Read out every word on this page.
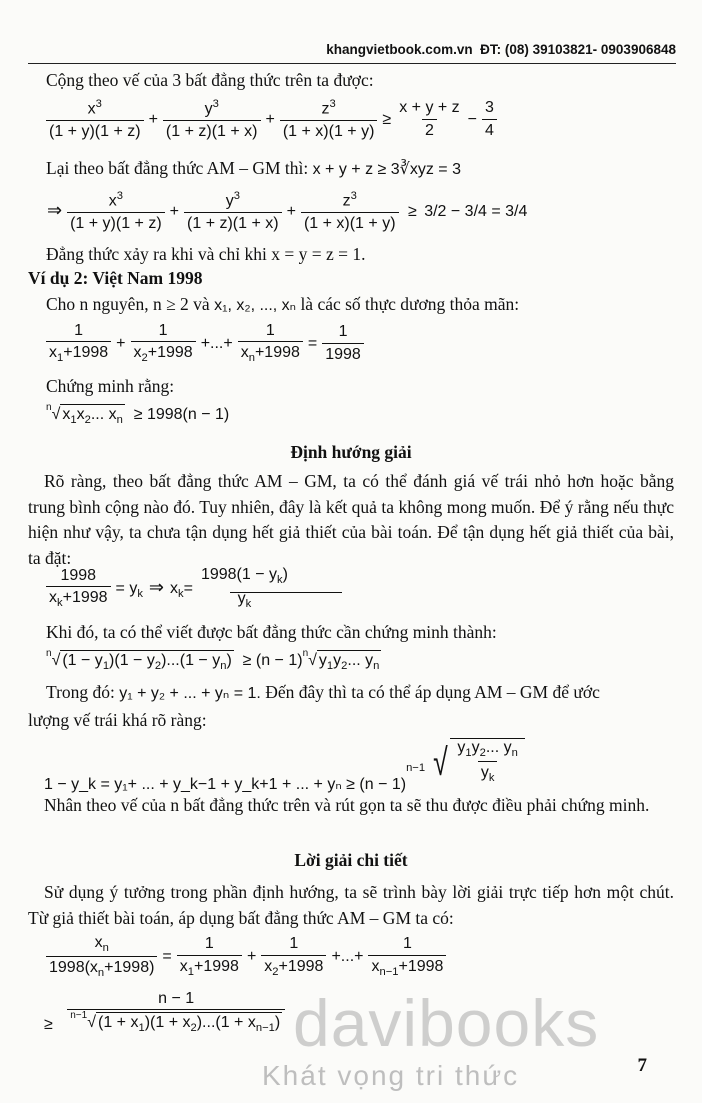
khangvietbook.com.vn ĐT: (08) 39103821- 0903906848
Cộng theo vế của 3 bất đẳng thức trên ta được:
$\frac{x^3}{(1 + y)(1 + z)} + \frac{y^3}{(1 + z)(1 + x)} + \frac{z^3}{(1 + x)(1 + y)} \ge \frac{x + y + z}{2} - \frac{3}{4}$
Lại theo bất đẳng thức AM – GM thì: x + y + z ≥ 3∛xyz = 3
⇒ $\frac{x^3}{(1 + y)(1 + z)} + \frac{y^3}{(1 + z)(1 + x)} + \frac{z^3}{(1 + x)(1 + y)} \ge 3/2 - 3/4 = 3/4$
Đẳng thức xảy ra khi và chỉ khi x = y = z = 1.
Ví dụ 2: Việt Nam 1998
Cho n nguyên, n ≥ 2 và x₁, x₂, ..., xₙ là các số thực dương thỏa mãn:
$\frac{1}{x_1+1998} + \frac{1}{x_2+1998}$ +...+ $\frac{1}{x_n+1998} = \frac{1}{1998}$
Chứng minh rằng:
$^n$√ $x_1x_2$... $x_n \ge 1998(n - 1)$
Định hướng giải
Rõ ràng, theo bất đẳng thức AM – GM, ta có thể đánh giá vế trái nhỏ hơn hoặc bằng trung bình cộng nào đó. Tuy nhiên, đây là kết quả ta không mong muốn. Để ý rằng nếu thực hiện như vậy, ta chưa tận dụng hết giả thiết của bài toán. Để tận dụng hết giả thiết của bài, ta đặt:
$\frac{1998}{x_k+1998} = y_k$ ⇒ $x_k=$
$1998(1 - y_k)$
$y_k$
Khi đó, ta có thể viết được bất đẳng thức cần chứng minh thành:
$^n$√ $(1 - y_1)(1 - y_2)...(1 - y_n) \ge (n - 1)^n√$ $y_1y_2$... $y_n$
Trong đó: y₁ + y₂ + ... + yₙ = 1. Đến đây thì ta có thể áp dụng AM – GM để ước
lượng vế trái khá rõ ràng:
1 − y_k = y₁+ ... + y_k−1 + y_k+1 + ... + $y_n \ge (n - 1)^{n-1}$ √ $\frac{y_1y_2... y_n}{y_k}$
Nhân theo vế của n bất đẳng thức trên và rút gọn ta sẽ thu được điều phải chứng minh.
Lời giải chi tiết
Sử dụng ý tưởng trong phần định hướng, ta sẽ trình bày lời giải trực tiếp hơn một chút. Từ giả thiết bài toán, áp dụng bất đẳng thức AM – GM ta có:
$\frac{x_n}{1998(x_n+1998)} = \frac{1}{x_1+1998} + \frac{1}{x_2+1998}$ +...+ $\frac{1}{x_{n-1}+1998}$
≥ $\frac{n - 1}{^{n-1}√ (1 + x_1)(1 + x_2)...(1 + x_{n-1})}$ davibooks
Khát vọng tri thức	7
